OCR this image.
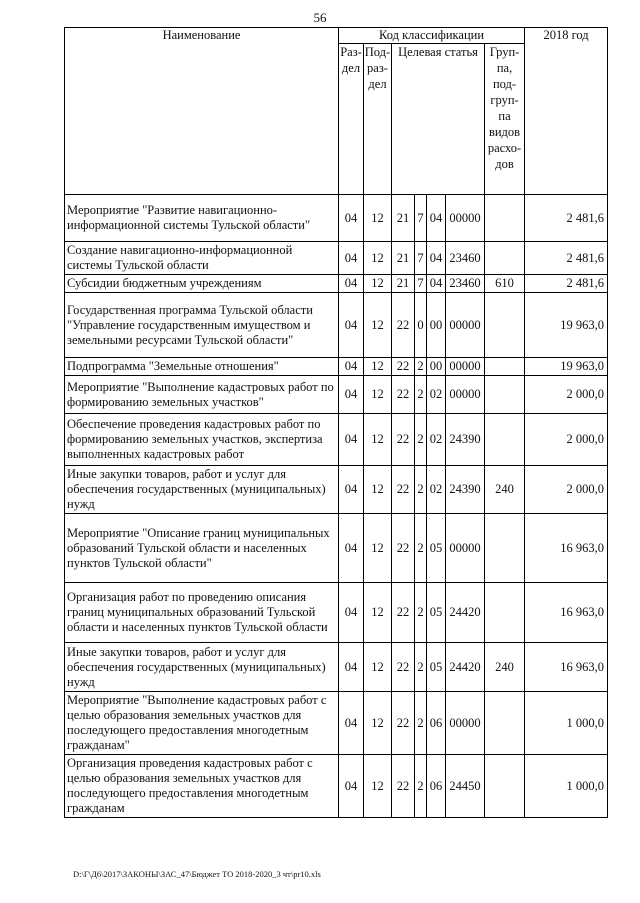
56
Наименование	Код классификации							2018 год
	Раз-дел	Под-раз-дел	Целевая статья				Груп-па, под-груп-па видов расхо-дов	
Мероприятие "Развитие навигационно-информационной системы Тульской области"	04	12	21	7	04	00000		2 481,6
Создание навигационно-информационной системы Тульской области	04	12	21	7	04	23460		2 481,6
Субсидии бюджетным учреждениям	04	12	21	7	04	23460	610	2 481,6
Государственная программа Тульской области "Управление государственным имуществом и земельными ресурсами Тульской области"	04	12	22	0	00	00000		19 963,0
Подпрограмма "Земельные отношения"	04	12	22	2	00	00000		19 963,0
Мероприятие "Выполнение кадастровых работ по формированию земельных участков"	04	12	22	2	02	00000		2 000,0
Обеспечение проведения кадастровых работ по формированию земельных участков, экспертиза выполненных кадастровых работ	04	12	22	2	02	24390		2 000,0
Иные закупки товаров, работ и услуг для обеспечения государственных (муниципальных) нужд	04	12	22	2	02	24390	240	2 000,0
Мероприятие "Описание границ муниципальных образований Тульской области и населенных пунктов Тульской области"	04	12	22	2	05	00000		16 963,0
Организация работ по проведению описания границ муниципальных образований Тульской области и населенных пунктов Тульской области	04	12	22	2	05	24420		16 963,0
Иные закупки товаров, работ и услуг для обеспечения государственных (муниципальных) нужд	04	12	22	2	05	24420	240	16 963,0
Мероприятие "Выполнение кадастровых работ с целью образования земельных участков для последующего предоставления многодетным гражданам"	04	12	22	2	06	00000		1 000,0
Организация проведения кадастровых работ с целью образования земельных участков для последующего предоставления многодетным гражданам	04	12	22	2	06	24450		1 000,0
D:\Г\Д6\2017\ЗАКОНЫ\ЗАС_47\Бюджет ТО 2018-2020_3 чт\pr10.xls
